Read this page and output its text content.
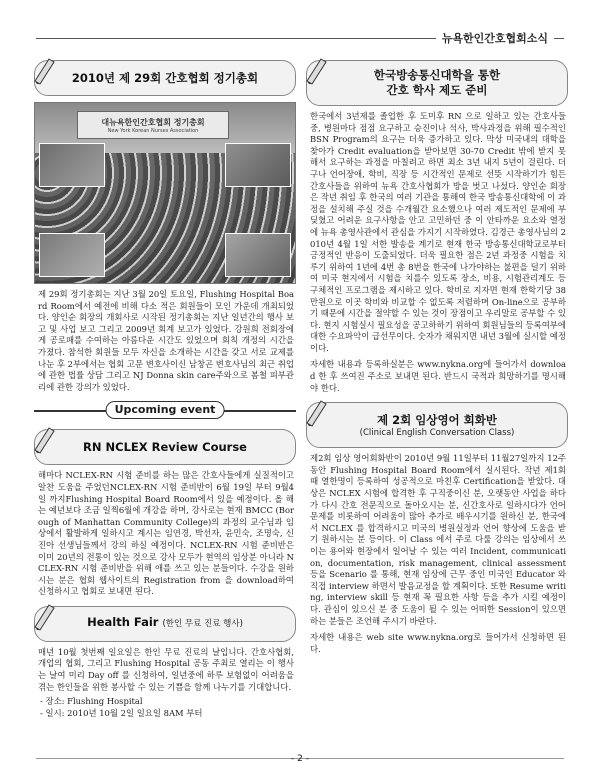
뉴욕한인간호협회소식
2010년 제 29회 간호협회 정기총회
대뉴욕한인간호협회 정기총회
New York Korean Nurses Association

제 29회 정기총회는 지난 3월 20일 토요일, Flushing Hospital Board Room에서 예전에 비해 다소 적은 회원들이 모인 가운데 개최되었다. 양인순 회장의 개회사로 시작된 정기총회는 지난 일년간의 행사 보고 및 사업 보고 그리고 2009년 회계 보고가 있었다. 강원희 전회장에게 공로패를 수여하는 아름다운 시간도 있었으며 회칙 개정의 시간을 가졌다. 참석한 회원들 모두 자신을 소개하는 시간을 갖고 서로 교제를 나눈 후 2부에서는 협회 고문 변호사이신 남창곤 변호사님의 최근 취업에 관한 법률 상담 그리고 NJ Donna skin care주와으로 봄철 피부관리에 관한 강의가 있었다.

Upcoming event
RN NCLEX Review Course

해마다 NCLEX-RN 시험 준비를 하는 많은 간호사들에게 실질적이고 알찬 도움을 주었던NCLEX-RN 시험 준비반이 6월 19일 부터 9월4일 까지Flushing Hospital Board Room에서 있을 예정이다. 올 해는 예년보다 조금 일찍6월에 개강을 하며, 강사로는 현재 BMCC (Borough of Manhattan Community College)의 과정의 교수님과 임상에서 활발하게 일하시고 계시는 임연경, 박선자, 윤민숙, 조명숙, 신진아 선생님들께서 강의 하실 예정이다. NCLEX-RN 시험 준비반은 이미 20년의 전통이 있는 것으로 강사 모두가 현역의 임상분 아니라 NCLEX-RN 시험 준비반을 위해 애를 쓰고 있는 분들이다. 수강을 원하시는 분은 협회 웹사이트의 Registration from 을 download하여 신청하시고 협회로 보내면 된다.

Health Fair (한인 무료 진료 행사)

매년 10월 첫번째 일요일은 한인 무료 진료의 날입니다. 간호사협회, 개업의 협회, 그리고 Flushing Hospital 공동 주최로 열리는 이 행사는 날여 미리 Day off 를 신청하여, 일년중에 하루 보험없이 어려움을 겪는 한인들을 위한 봉사할 수 있는 기쁨을 함께 나누기를 기대합니다.

- 장소: Flushing Hospital
- 일시: 2010년 10월 2일 일요일 8AM 부터
한국방송통신대학을 통한
간호 학사 제도 준비

한국에서 3년제를 졸업한 후 도미후 RN 으로 일하고 있는 간호사들 중, 병원마다 점점 요구하고 승진이나 석사, 박사과정을 위해 필수적인 BSN Program의 요구는 더욱 증가하고 있다. 막상 미국내의 대학을 찾아가 Credit evaluation을 받아보면 30-70 Credit 밖에 받지 못해서 요구하는 과정을 마칠려고 하면 최소 3년 내지 5년이 걸린다. 더구나 언어장애, 학비, 직장 등 시간적인 문제로 선뜻 시작하기가 힘든 간호사들을 위하여 뉴욕 간호사협회가 방을 벗고 나섰다. 양인순 회장은 작년 취임 후 한국의 여러 기관을 통해여 한국 방송통신대학에 이 과정을 설치해 주실 것을 수개월간 요소했으나 여러 제도적인 문제에 부딪혔고 어려운 요구사항을 안고 고민하던 중 이 안타까운 요소와 열정에 뉴욕 총영사관에서 관심을 가지기 시작하였다. 김경근 총영사님의 2010년 4월 1일 서한 발송을 계기로 현재 한국 방송통신대학교로부터 긍정적인 반응이 도출되었다. 더욱 필요한 점은 2년 과정중 시험을 치루기 위하여 1년에 4번 총 8번을 한국에 나가야하는 불편을 덜기 위하여 미국 현지에서 시험을 치를수 있도록 장소, 비용, 시험관리계도 등 구체적인 프로그램을 제시하고 있다. 학비로 지자면 현재 한학기당 38만원으로 이곳 학비와 비교할 수 없도록 저렴하며 On-line으로 공부하기 때문에 시간을 절약할 수 있는 것이 장점이고 우리말로 공부할 수 있다. 현지 시험실시 필요성을 공고하하기 위하여 회원님들의 등록여부에 대한 수요파악이 급선무이다. 숫자가 채워지면 내년 3월에 실시할 예정이다.

자세한 내용과 등록하실분은 www.nykna.org에 들어가서 download 한 후 쓰여진 주소로 보내면 된다. 반드시 국적과 희망하기를 명시해야 한다.

제 2회 임상영어 회화반
(Clinical English Conversation Class)

제2회 임상 영어회화반이 2010년 9월 11일부터 11월27일까지 12주 동안 Flushing Hospital Board Room에서 실시된다. 작년 제1회 때 열한명이 등록하여 성공적으로 마친후 Certification을 받았다. 대상은 NCLEX 시험에 합격한 후 구직중이신 분, 오랫동안 사업을 하다가 다시 간호 전문직으로 돌아오시는 분, 신간호사로 일하시다가 언어 문제를 비롯하여 어려움이 많아 추가로 배우시기를 원하신 분, 한국에서 NCLEX 를 합격하시고 미국의 병원실정과 언어 향상에 도움을 받기 원하시는 분 등이다. 이 Class 에서 주로 다룰 강의는 임상에서 쓰이는 용어와 현장에서 일어날 수 있는 여러 Incident, communication, documentation, risk management, clinical assessment 등을 Scenario 를 통해, 현재 임상에 근무 중인 미국인 Educator 와 직접 interview 하면서 발음교정을 할 계획이다. 또한 Resume writing, interview skill 등 현재 꼭 필요한 사항 등을 추가 시킬 예정이다. 관심이 있으신 분 중 도움이 될 수 있는 어떠한 Session이 있으면 하는 분들은 조언해 주시기 바란다.

자세한 내용은 web site www.nykna.org로 들어가서 신청하면 된다.

- 2 -
